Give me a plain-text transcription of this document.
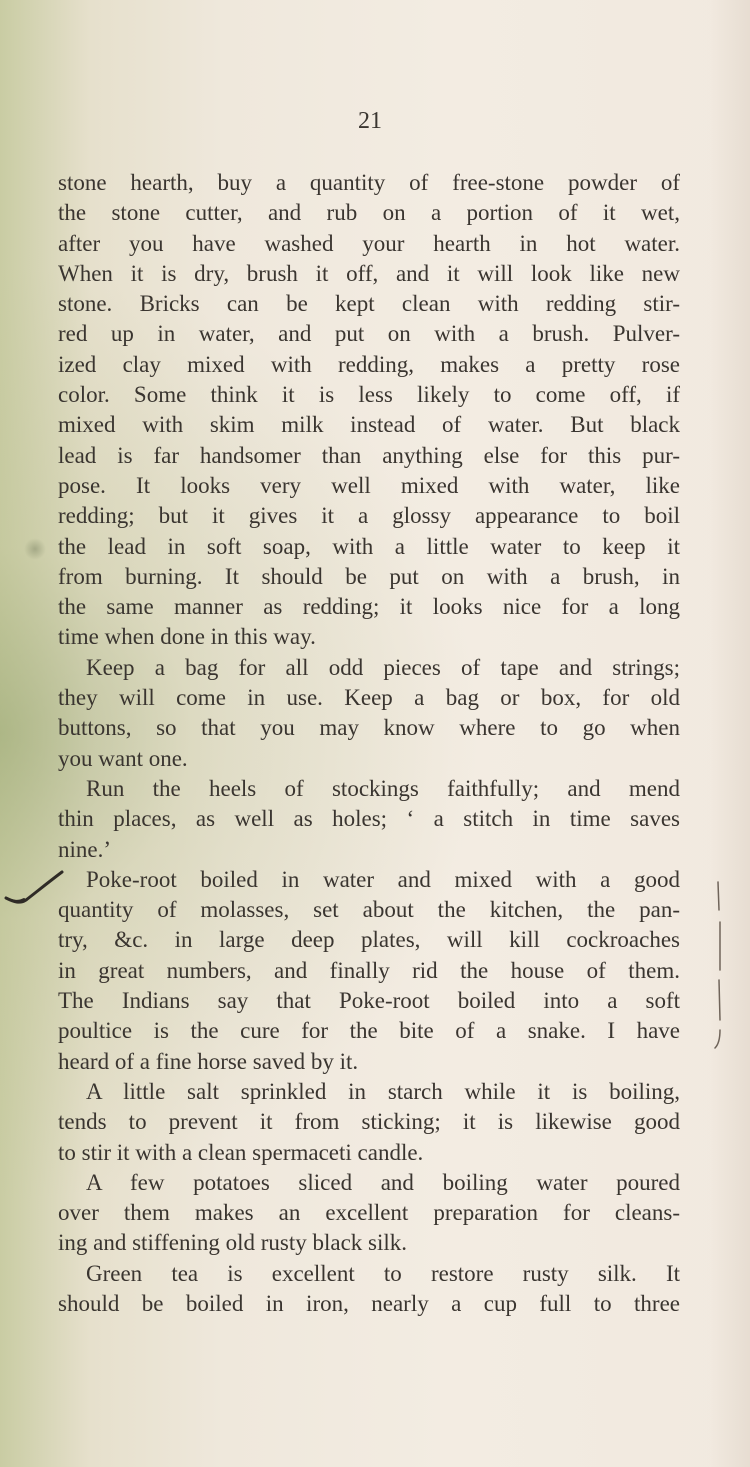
21
stone hearth, buy a quantity of free-stone powder of
the stone cutter, and rub on a portion of it wet,
after you have washed your hearth in hot water.
When it is dry, brush it off, and it will look like new
stone. Bricks can be kept clean with redding stir-
red up in water, and put on with a brush. Pulver-
ized clay mixed with redding, makes a pretty rose
color. Some think it is less likely to come off, if
mixed with skim milk instead of water. But black
lead is far handsomer than anything else for this pur-
pose. It looks very well mixed with water, like
redding; but it gives it a glossy appearance to boil
the lead in soft soap, with a little water to keep it
from burning. It should be put on with a brush, in
the same manner as redding; it looks nice for a long
time when done in this way.
Keep a bag for all odd pieces of tape and strings;
they will come in use. Keep a bag or box, for old
buttons, so that you may know where to go when
you want one.
Run the heels of stockings faithfully; and mend
thin places, as well as holes; ‘ a stitch in time saves
nine.’
Poke-root boiled in water and mixed with a good
quantity of molasses, set about the kitchen, the pan-
try, &c. in large deep plates, will kill cockroaches
in great numbers, and finally rid the house of them.
The Indians say that Poke-root boiled into a soft
poultice is the cure for the bite of a snake. I have
heard of a fine horse saved by it.
A little salt sprinkled in starch while it is boiling,
tends to prevent it from sticking; it is likewise good
to stir it with a clean spermaceti candle.
A few potatoes sliced and boiling water poured
over them makes an excellent preparation for cleans-
ing and stiffening old rusty black silk.
Green tea is excellent to restore rusty silk. It
should be boiled in iron, nearly a cup full to three
